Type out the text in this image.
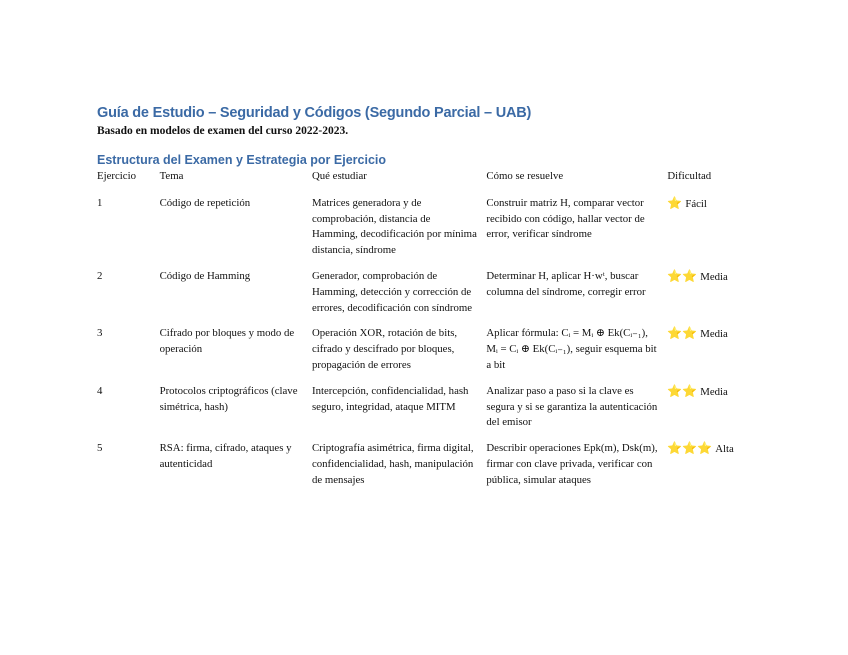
Guía de Estudio – Seguridad y Códigos (Segundo Parcial – UAB)

Basado en modelos de examen del curso 2022-2023.

Estructura del Examen y Estrategia por Ejercicio
Ejercicio	Tema	Qué estudiar	Cómo se resuelve	Dificultad
1	Código de repetición	Matrices generadora y de comprobación, distancia de Hamming, decodificación por mínima distancia, síndrome	Construir matriz H, comparar vector recibido con código, hallar vector de error, verificar síndrome	⭐ Fácil
2	Código de Hamming	Generador, comprobación de Hamming, detección y corrección de errores, decodificación con síndrome	Determinar H, aplicar H·wᵗ, buscar columna del síndrome, corregir error	⭐⭐ Media
3	Cifrado por bloques y modo de operación	Operación XOR, rotación de bits, cifrado y descifrado por bloques, propagación de errores	Aplicar fórmula: Cᵢ = Mᵢ ⊕ Ek(Cᵢ₋₁), Mᵢ = Cᵢ ⊕ Ek(Cᵢ₋₁), seguir esquema bit a bit	⭐⭐ Media
4	Protocolos criptográficos (clave simétrica, hash)	Intercepción, confidencialidad, hash seguro, integridad, ataque MITM	Analizar paso a paso si la clave es segura y si se garantiza la autenticación del emisor	⭐⭐ Media
5	RSA: firma, cifrado, ataques y autenticidad	Criptografía asimétrica, firma digital, confidencialidad, hash, manipulación de mensajes	Describir operaciones Epk(m), Dsk(m), firmar con clave privada, verificar con pública, simular ataques	⭐⭐⭐ Alta
